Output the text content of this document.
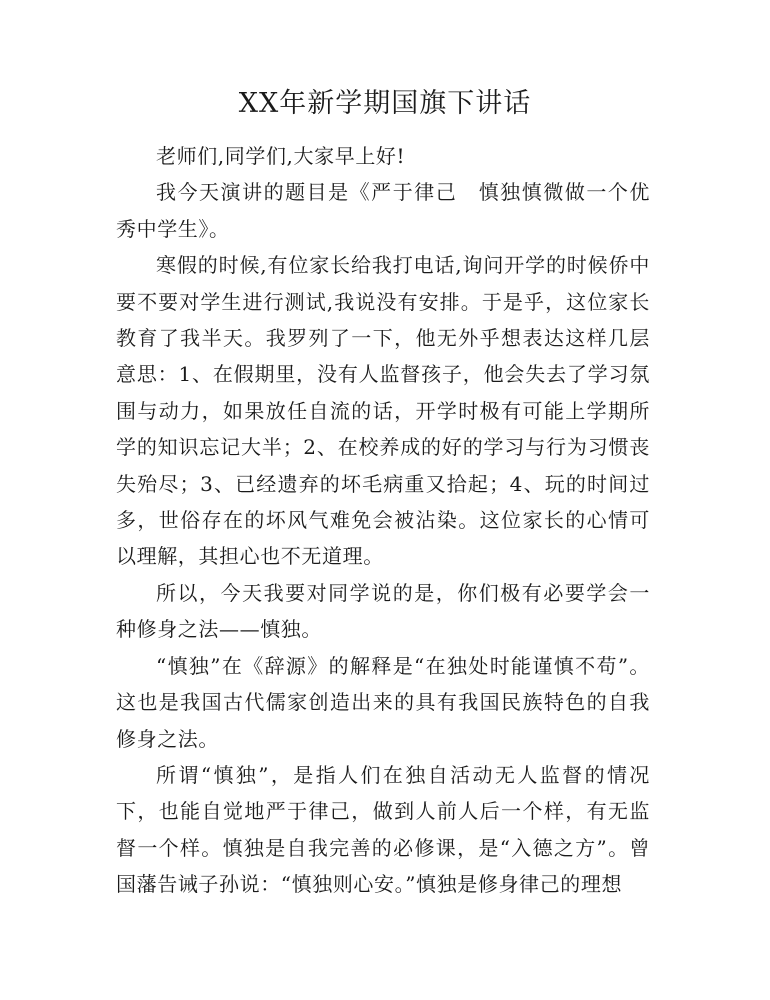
XX年新学期国旗下讲话

老师们,同学们,大家早上好!

我今天演讲的题目是《严于律己　慎独慎微做一个优秀中学生》。

寒假的时候,有位家长给我打电话,询问开学的时候侨中要不要对学生进行测试,我说没有安排。于是乎，这位家长教育了我半天。我罗列了一下，他无外乎想表达这样几层意思：1、在假期里，没有人监督孩子，他会失去了学习氛围与动力，如果放任自流的话，开学时极有可能上学期所学的知识忘记大半；2、在校养成的好的学习与行为习惯丧失殆尽；3、已经遗弃的坏毛病重又拾起；4、玩的时间过多，世俗存在的坏风气难免会被沾染。这位家长的心情可以理解，其担心也不无道理。

所以，今天我要对同学说的是，你们极有必要学会一种修身之法——慎独。

“慎独”在《辞源》的解释是“在独处时能谨慎不苟”。这也是我国古代儒家创造出来的具有我国民族特色的自我修身之法。

所谓“慎独”，是指人们在独自活动无人监督的情况下，也能自觉地严于律己，做到人前人后一个样，有无监督一个样。慎独是自我完善的必修课，是“入德之方”。曾国藩告诫子孙说：“慎独则心安。”慎独是修身律己的理想
